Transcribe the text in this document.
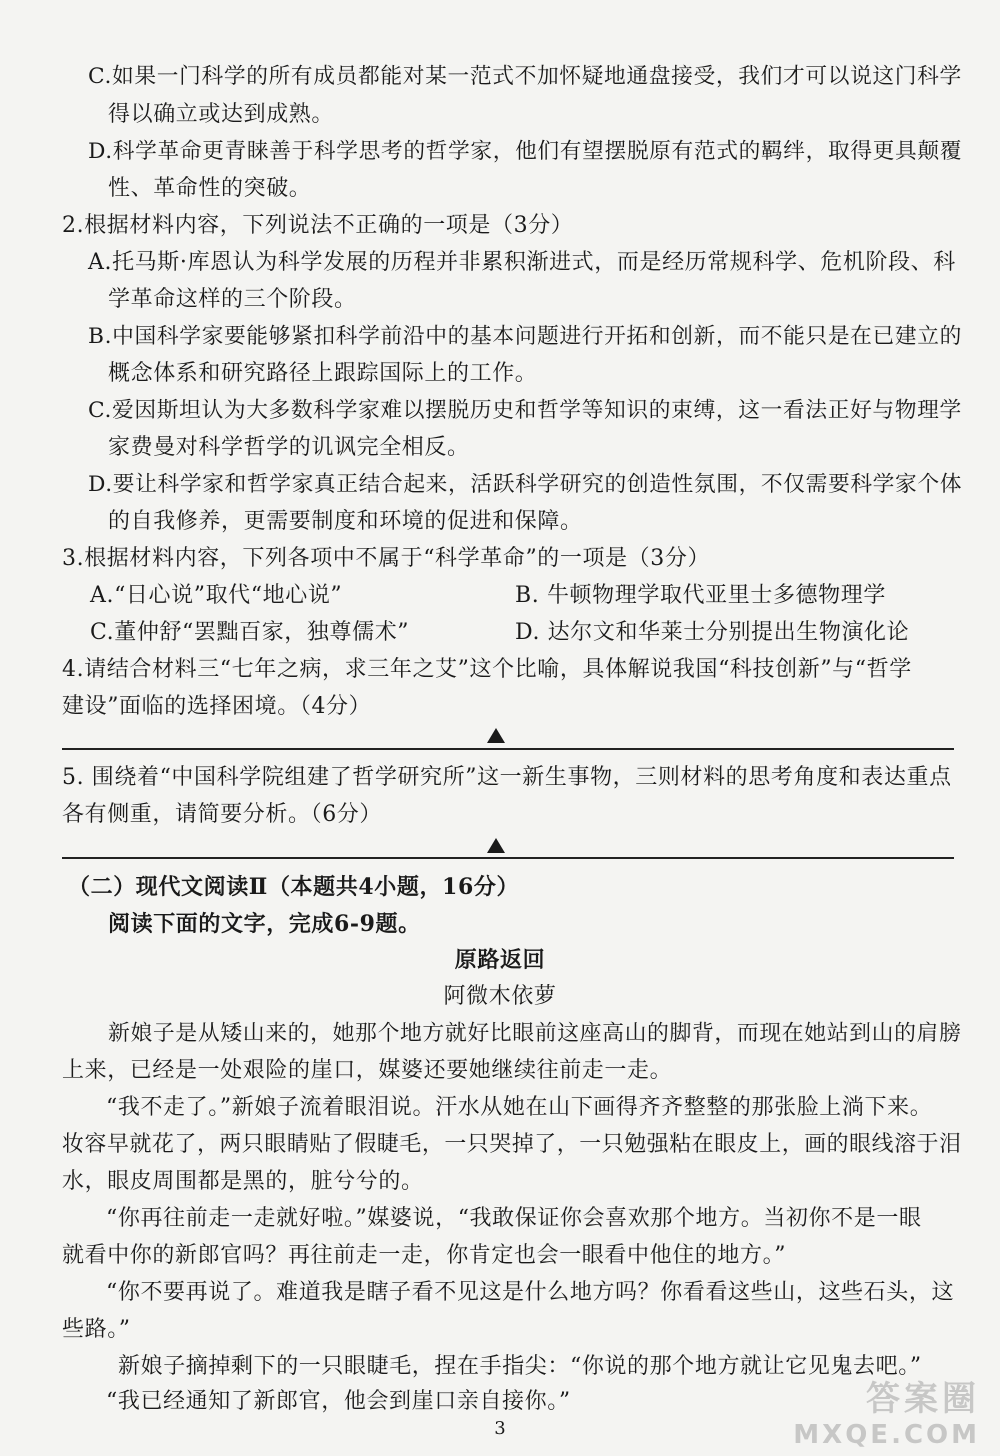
C.如果一门科学的所有成员都能对某一范式不加怀疑地通盘接受，我们才可以说这门科学
得以确立或达到成熟。
D.科学革命更青睐善于科学思考的哲学家，他们有望摆脱原有范式的羁绊，取得更具颠覆
性、革命性的突破。
2.根据材料内容，下列说法不正确的一项是（3分）
A.托马斯·库恩认为科学发展的历程并非累积渐进式，而是经历常规科学、危机阶段、科
学革命这样的三个阶段。
B.中国科学家要能够紧扣科学前沿中的基本问题进行开拓和创新，而不能只是在已建立的
概念体系和研究路径上跟踪国际上的工作。
C.爱因斯坦认为大多数科学家难以摆脱历史和哲学等知识的束缚，这一看法正好与物理学
家费曼对科学哲学的讥讽完全相反。
D.要让科学家和哲学家真正结合起来，活跃科学研究的创造性氛围，不仅需要科学家个体
的自我修养，更需要制度和环境的促进和保障。
3.根据材料内容，下列各项中不属于“科学革命”的一项是（3分）
A.“日心说”取代“地心说”	B. 牛顿物理学取代亚里士多德物理学
C.董仲舒“罢黜百家，独尊儒术”	D. 达尔文和华莱士分别提出生物演化论
4.请结合材料三“七年之病，求三年之艾”这个比喻，具体解说我国“科技创新”与“哲学
建设”面临的选择困境。（4分）
5. 围绕着“中国科学院组建了哲学研究所”这一新生事物，三则材料的思考角度和表达重点
各有侧重，请简要分析。（6分）
（二）现代文阅读Ⅱ（本题共4小题，16分）
阅读下面的文字，完成6-9题。
原路返回
阿微木依萝
新娘子是从矮山来的，她那个地方就好比眼前这座高山的脚背，而现在她站到山的肩膀
上来，已经是一处艰险的崖口，媒婆还要她继续往前走一走。
“我不走了。”新娘子流着眼泪说。汗水从她在山下画得齐齐整整的那张脸上淌下来。
妆容早就花了，两只眼睛贴了假睫毛，一只哭掉了，一只勉强粘在眼皮上，画的眼线溶于泪
水，眼皮周围都是黑的，脏兮兮的。
“你再往前走一走就好啦。”媒婆说，“我敢保证你会喜欢那个地方。当初你不是一眼
就看中你的新郎官吗？再往前走一走，你肯定也会一眼看中他住的地方。”
“你不要再说了。难道我是瞎子看不见这是什么地方吗？你看看这些山，这些石头，这
些路。”
新娘子摘掉剩下的一只眼睫毛，捏在手指尖：“你说的那个地方就让它见鬼去吧。”
“我已经通知了新郎官，他会到崖口亲自接你。”
3
答案圈
MXQE.COM
